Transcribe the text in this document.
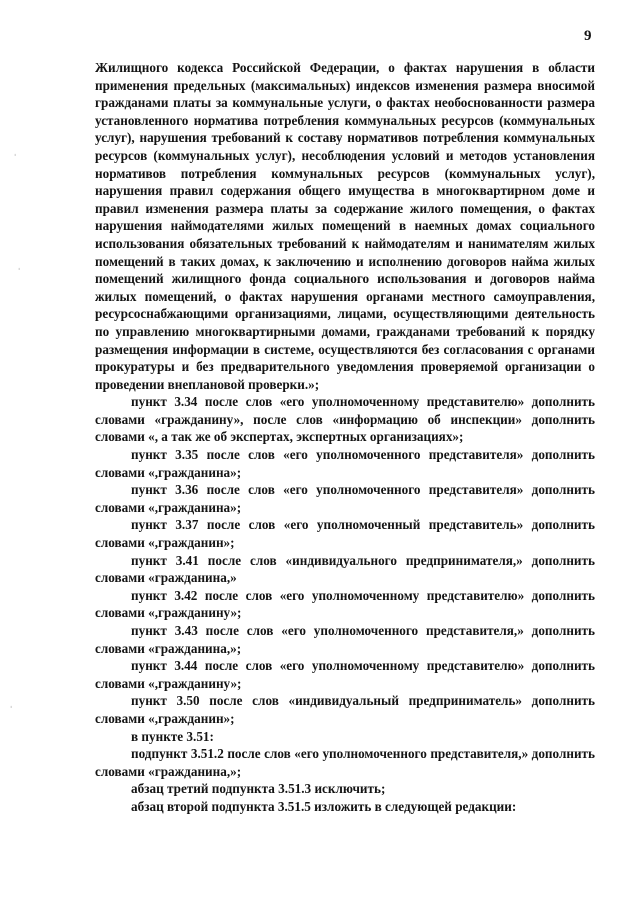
9
ˌ
ˌ
ˌ

Жилищного кодекса Российской Федерации, о фактах нарушения в области применения предельных (максимальных) индексов изменения размера вносимой гражданами платы за коммунальные услуги, о фактах необоснованности размера установленного норматива потребления коммунальных ресурсов (коммунальных услуг), нарушения требований к составу нормативов потребления коммунальных ресурсов (коммунальных услуг), несоблюдения условий и методов установления нормативов потребления коммунальных ресурсов (коммунальных услуг), нарушения правил содержания общего имущества в многоквартирном доме и правил изменения размера платы за содержание жилого помещения, о фактах нарушения наймодателями жилых помещений в наемных домах социального использования обязательных требований к наймодателям и нанимателям жилых помещений в таких домах, к заключению и исполнению договоров найма жилых помещений жилищного фонда социального использования и договоров найма жилых помещений, о фактах нарушения органами местного самоуправления, ресурсоснабжающими организациями, лицами, осуществляющими деятельность по управлению многоквартирными домами, гражданами требований к порядку размещения информации в системе, осуществляются без согласования с органами прокуратуры и без предварительного уведомления проверяемой организации о проведении внеплановой проверки.»;

пункт 3.34 после слов «его уполномоченному представителю» дополнить словами «гражданину», после слов «информацию об инспекции» дополнить словами «, а так же об экспертах, экспертных организациях»;

пункт 3.35 после слов «его уполномоченного представителя» дополнить словами «,гражданина»;

пункт 3.36 после слов «его уполномоченного представителя» дополнить словами «,гражданина»;

пункт 3.37 после слов «его уполномоченный представитель» дополнить словами «,гражданин»;

пункт 3.41 после слов «индивидуального предпринимателя,» дополнить словами «гражданина,»

пункт 3.42 после слов «его уполномоченному представителю» дополнить словами «,гражданину»;

пункт 3.43 после слов «его уполномоченного представителя,» дополнить словами «гражданина,»;

пункт 3.44 после слов «его уполномоченному представителю» дополнить словами «,гражданину»;

пункт 3.50 после слов «индивидуальный предприниматель» дополнить словами «,гражданин»;

в пункте 3.51:

подпункт 3.51.2 после слов «его уполномоченного представителя,» дополнить словами «гражданина,»;

абзац третий подпункта 3.51.3 исключить;

абзац второй подпункта 3.51.5 изложить в следующей редакции:
